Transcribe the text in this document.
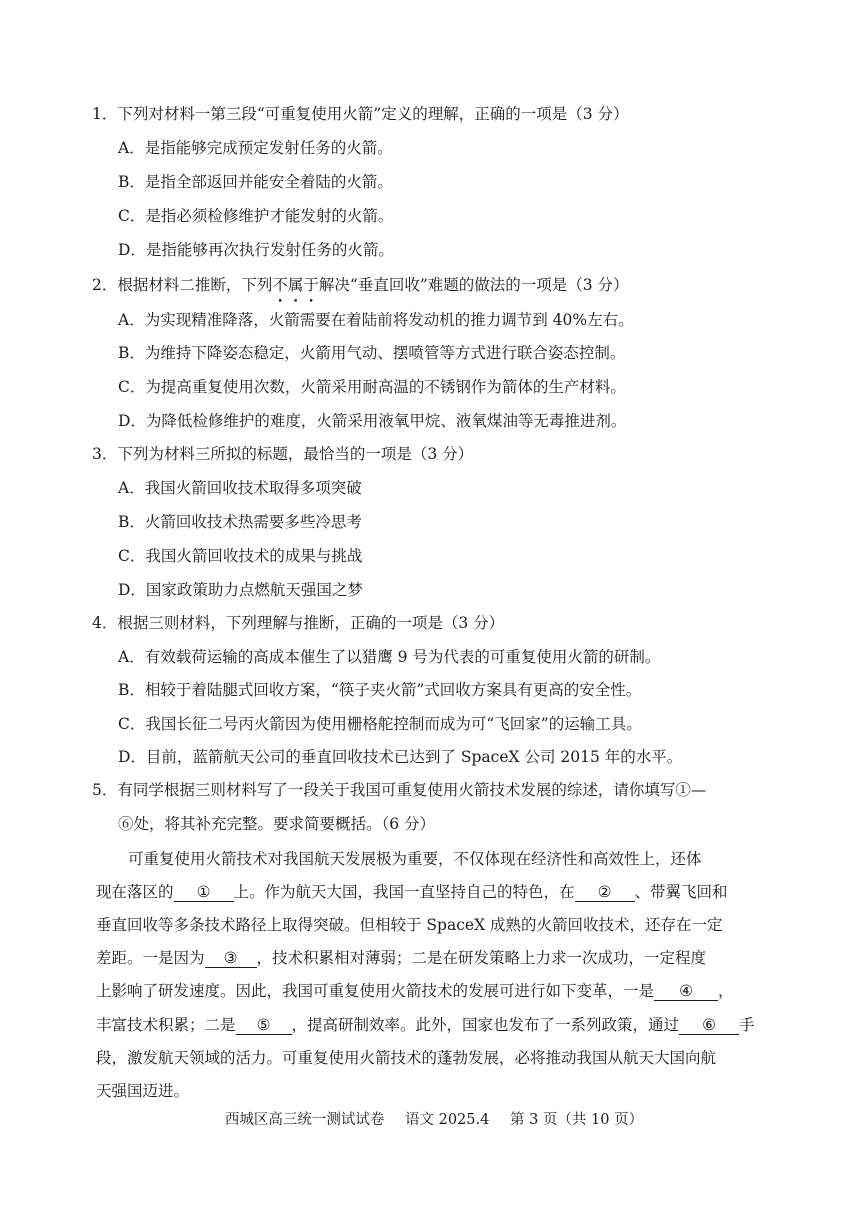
1．下列对材料一第三段“可重复使用火箭”定义的理解，正确的一项是（3 分）
A．是指能够完成预定发射任务的火箭。
B．是指全部返回并能安全着陆的火箭。
C．是指必须检修维护才能发射的火箭。
D．是指能够再次执行发射任务的火箭。
2．根据材料二推断，下列不属于解决“垂直回收”难题的做法的一项是（3 分）
A．为实现精准降落，火箭需要在着陆前将发动机的推力调节到 40%左右。
B．为维持下降姿态稳定，火箭用气动、摆喷管等方式进行联合姿态控制。
C．为提高重复使用次数，火箭采用耐高温的不锈钢作为箭体的生产材料。
D．为降低检修维护的难度，火箭采用液氧甲烷、液氧煤油等无毒推进剂。
3．下列为材料三所拟的标题，最恰当的一项是（3 分）
A．我国火箭回收技术取得多项突破
B．火箭回收技术热需要多些冷思考
C．我国火箭回收技术的成果与挑战
D．国家政策助力点燃航天强国之梦
4．根据三则材料，下列理解与推断，正确的一项是（3 分）
A．有效载荷运输的高成本催生了以猎鹰 9 号为代表的可重复使用火箭的研制。
B．相较于着陆腿式回收方案，“筷子夹火箭”式回收方案具有更高的安全性。
C．我国长征二号丙火箭因为使用栅格舵控制而成为可“飞回家”的运输工具。
D．目前，蓝箭航天公司的垂直回收技术已达到了 SpaceX 公司 2015 年的水平。
5．有同学根据三则材料写了一段关于我国可重复使用火箭技术发展的综述，请你填写①—
⑥处，将其补充完整。要求简要概括。（6 分）
可重复使用火箭技术对我国航天发展极为重要，不仅体现在经济性和高效性上，还体
现在落区的 ① 上。作为航天大国，我国一直坚持自己的特色，在 ② 、带翼飞回和
垂直回收等多条技术路径上取得突破。但相较于 SpaceX 成熟的火箭回收技术，还存在一定
差距。一是因为 ③ ，技术积累相对薄弱；二是在研发策略上力求一次成功，一定程度
上影响了研发速度。因此，我国可重复使用火箭技术的发展可进行如下变革，一是 ④ ，
丰富技术积累；二是 ⑤ ，提高研制效率。此外，国家也发布了一系列政策，通过 ⑥ 手
段，激发航天领域的活力。可重复使用火箭技术的蓬勃发展，必将推动我国从航天大国向航
天强国迈进。
西城区高三统一测试试卷 语文 2025.4 第 3 页（共 10 页）
